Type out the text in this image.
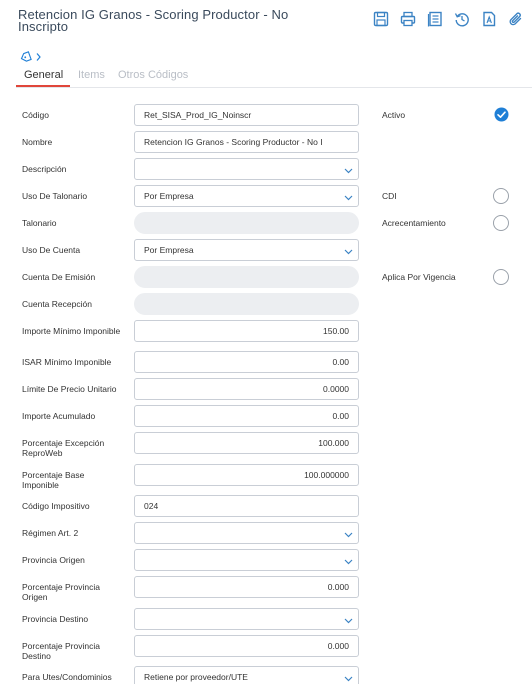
Retencion IG Granos - Scoring Productor - No Inscripto
General Items Otros Códigos
Código
Nombre
Descripción
Uso De Talonario
Talonario
Uso De Cuenta
Cuenta De Emisión
Cuenta Recepción
Importe Mínimo Imponible
ISAR Mínimo Imponible
Límite De Precio Unitario
Importe Acumulado
Porcentaje Excepción ReproWeb
Porcentaje Base Imponible
Código Impositivo
Régimen Art. 2
Provincia Origen
Porcentaje Provincia Origen
Provincia Destino
Porcentaje Provincia Destino
Para Utes/Condominios
Ret_SISA_Prod_IG_Noinscr
Retencion IG Granos - Scoring Productor - No I
Por Empresa
Por Empresa
150.00
0.00
0.0000
0.00
100.000
100.000000
024
0.000
0.000
Retiene por proveedor/UTE
Activo
CDI
Acrecentamiento
Aplica Por Vigencia
